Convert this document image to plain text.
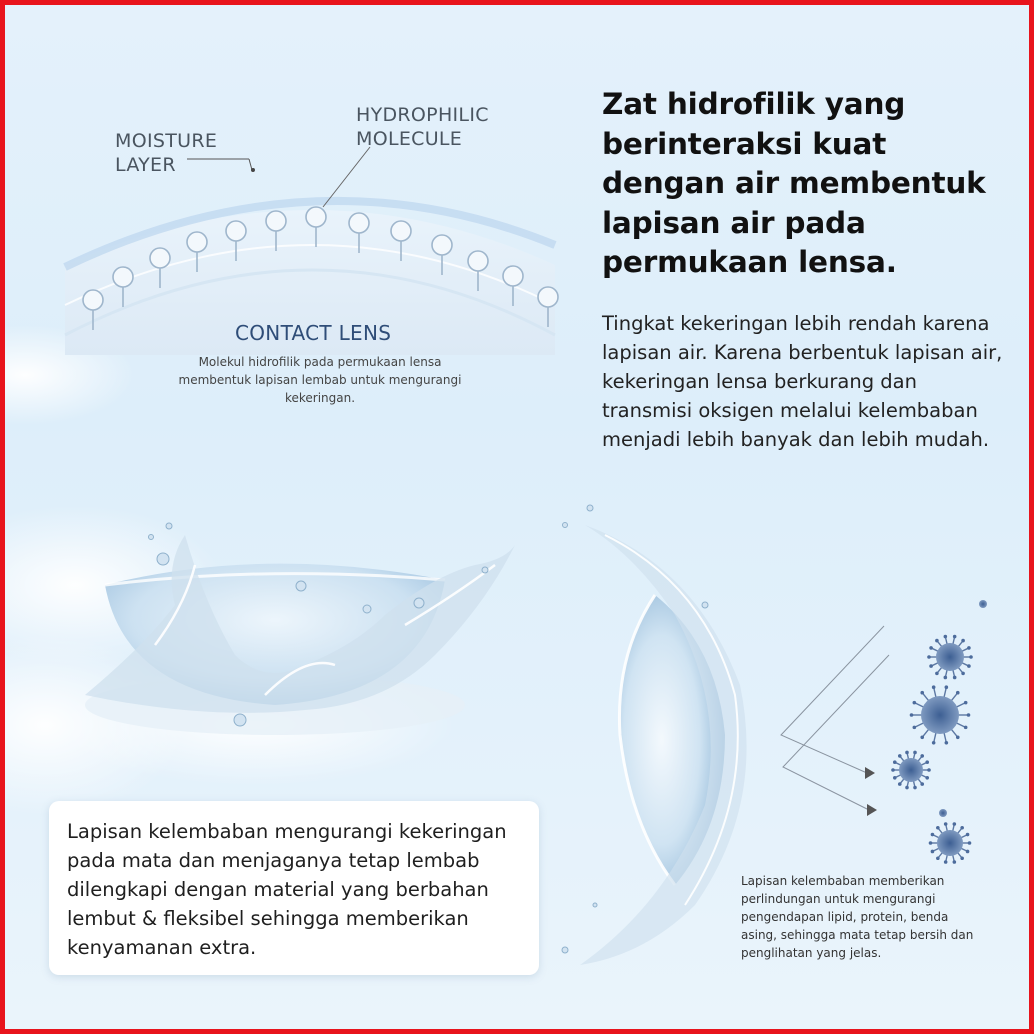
MOISTURE
LAYER
HYDROPHILIC
MOLECULE
CONTACT LENS
Molekul hidrofilik pada permukaan lensa membentuk lapisan lembab untuk mengurangi kekeringan.
Zat hidrofilik yang berinteraksi kuat dengan air membentuk lapisan air pada permukaan lensa.
Tingkat kekeringan lebih rendah karena lapisan air. Karena berbentuk lapisan air, kekeringan lensa berkurang dan transmisi oksigen melalui kelembaban menjadi lebih banyak dan lebih mudah.
Lapisan kelembaban mengurangi kekeringan pada mata dan menjaganya tetap lembab dilengkapi dengan material yang berbahan lembut & fleksibel sehingga memberikan kenyamanan extra.
Lapisan kelembaban memberikan perlindungan untuk mengurangi pengendapan lipid, protein, benda asing, sehingga mata tetap bersih dan penglihatan yang jelas.
